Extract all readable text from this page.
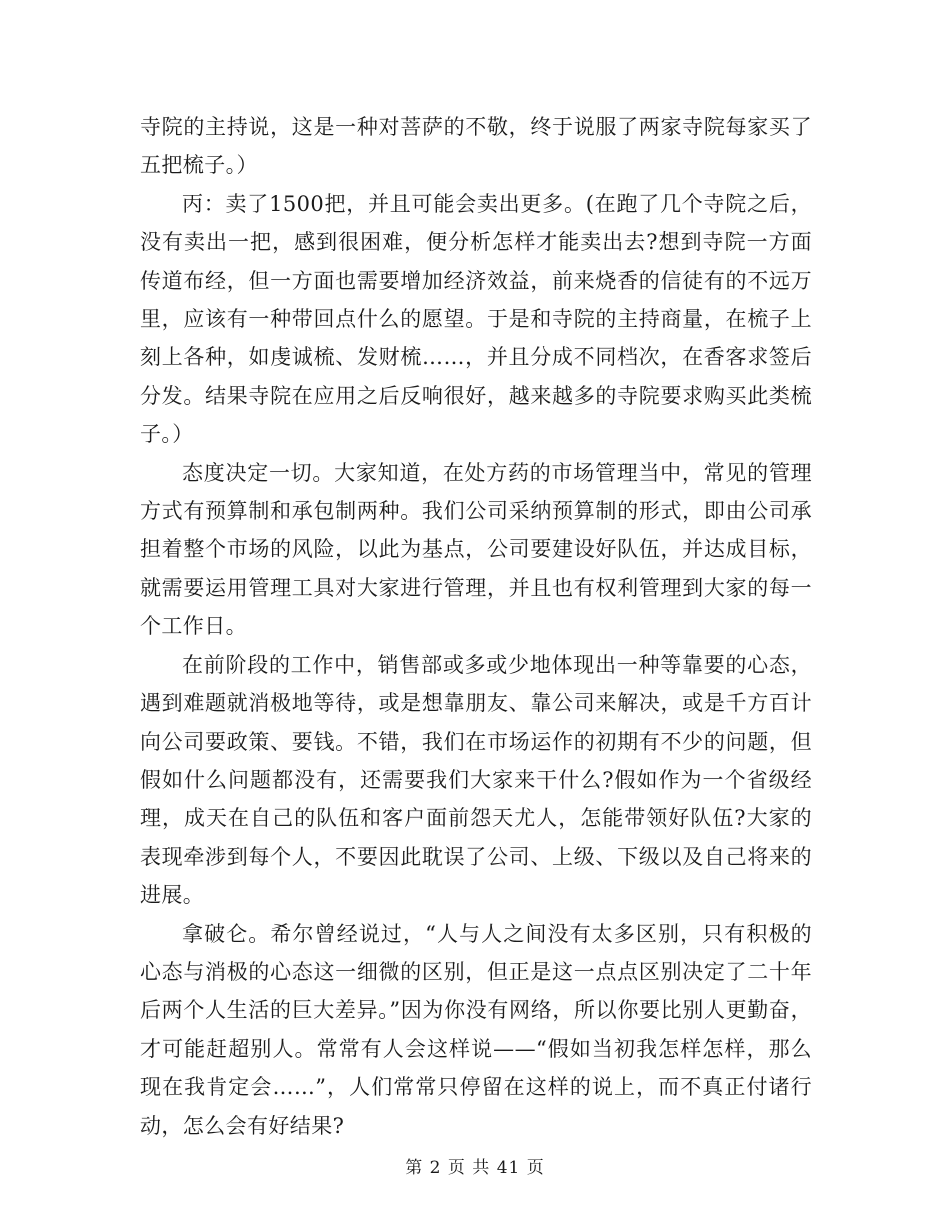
寺院的主持说，这是一种对菩萨的不敬，终于说服了两家寺院每家买了五把梳子。）

丙：卖了1500把，并且可能会卖出更多。(在跑了几个寺院之后，没有卖出一把，感到很困难，便分析怎样才能卖出去?想到寺院一方面传道布经，但一方面也需要增加经济效益，前来烧香的信徒有的不远万里，应该有一种带回点什么的愿望。于是和寺院的主持商量，在梳子上刻上各种，如虔诚梳、发财梳……，并且分成不同档次，在香客求签后分发。结果寺院在应用之后反响很好，越来越多的寺院要求购买此类梳子。）

态度决定一切。大家知道，在处方药的市场管理当中，常见的管理方式有预算制和承包制两种。我们公司采纳预算制的形式，即由公司承担着整个市场的风险，以此为基点，公司要建设好队伍，并达成目标，就需要运用管理工具对大家进行管理，并且也有权利管理到大家的每一个工作日。

在前阶段的工作中，销售部或多或少地体现出一种等靠要的心态，遇到难题就消极地等待，或是想靠朋友、靠公司来解决，或是千方百计向公司要政策、要钱。不错，我们在市场运作的初期有不少的问题，但假如什么问题都没有，还需要我们大家来干什么?假如作为一个省级经理，成天在自己的队伍和客户面前怨天尤人，怎能带领好队伍?大家的表现牵涉到每个人，不要因此耽误了公司、上级、下级以及自己将来的进展。

拿破仑。希尔曾经说过，“人与人之间没有太多区别，只有积极的心态与消极的心态这一细微的区别，但正是这一点点区别决定了二十年后两个人生活的巨大差异。”因为你没有网络，所以你要比别人更勤奋，才可能赶超别人。常常有人会这样说——“假如当初我怎样怎样，那么现在我肯定会……”，人们常常只停留在这样的说上，而不真正付诸行动，怎么会有好结果?

第 2 页 共 41 页
